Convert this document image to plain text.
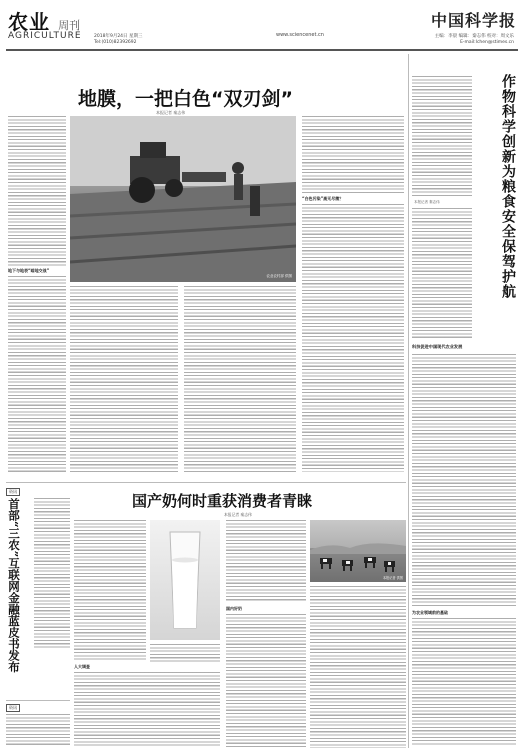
农业 周刊
AGRICULTURE	2018年9月24日 星期三
Tel:(010)82392692
www.sciencenet.cn
中国科学报
主编：李晨 编辑：秦志伟 校对：周文乐
E-mail:lchen@stimes.cn
地膜，一把白色“双刃剑”
本报记者 秦志伟
地下与地表“暗地交战”
农业农村部 供图
“白色污染”高无尽菌？	作物科学创新为粮食安全保驾护航
本报记者 秦志伟
科技促进中国现代农业发展
为农业领域前的基础
资讯
首部“三农”互联网金融蓝皮书发布
资讯
国产奶何时重获消费者青睐
本报记者 秦志伟
人大调查
本报记者 供图
国内好奶
